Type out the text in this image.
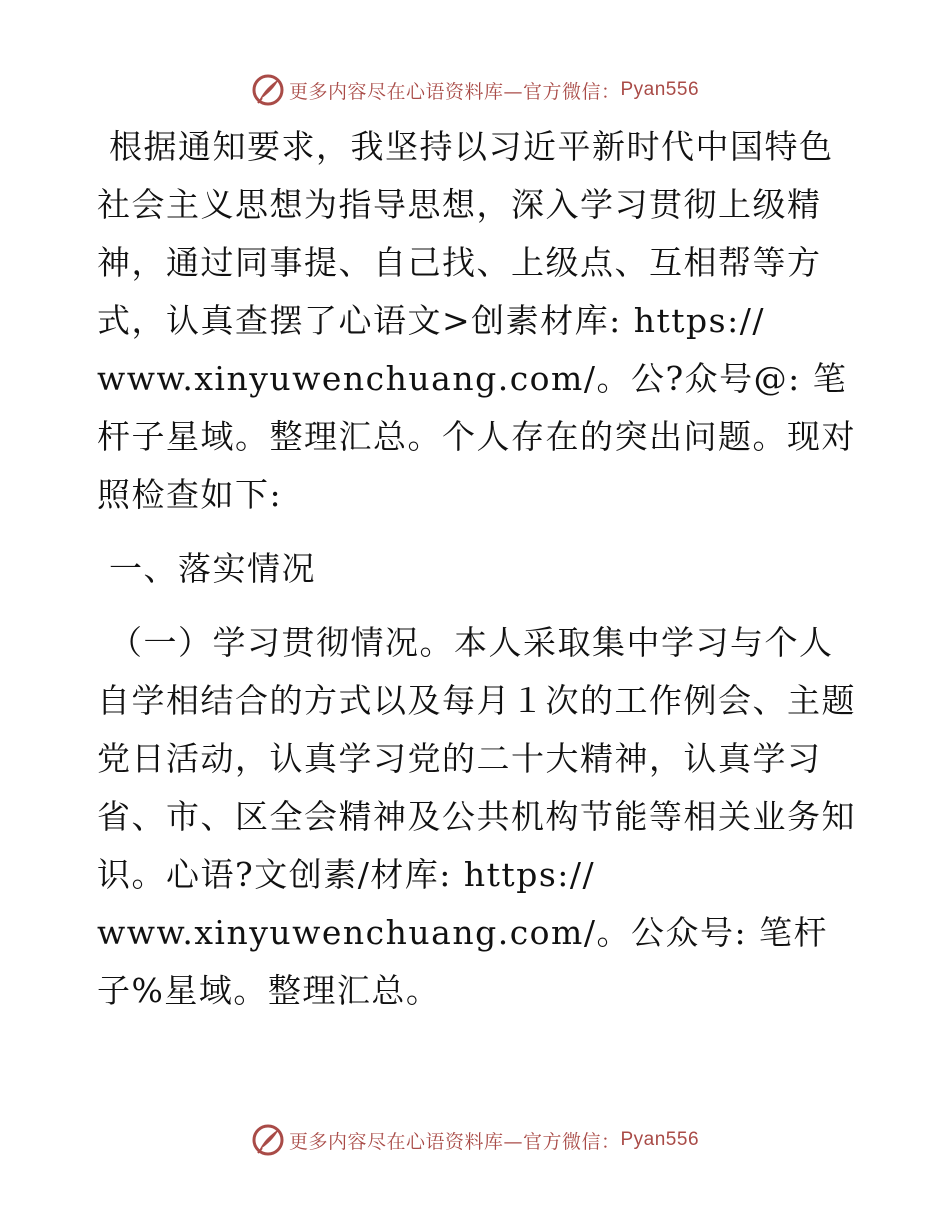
更多内容尽在心语资料库—官方微信： Pyan556

根据通知要求，我坚持以习近平新时代中国特色社会主义思想为指导思想，深入学习贯彻上级精神，通过同事提、自己找、上级点、互相帮等方式，认真查摆了心语文>创素材库: https://
www.xinyuwenchuang.com/。公?众号@: 笔杆子星域。整理汇总。个人存在的突出问题。现对照检查如下:

一、落实情况

（一）学习贯彻情况。本人采取集中学习与个人自学相结合的方式以及每月１次的工作例会、主题党日活动，认真学习党的二十大精神，认真学习省、市、区全会精神及公共机构节能等相关业务知识。心语?文创素/材库: https://
www.xinyuwenchuang.com/。公众号: 笔杆子%星域。整理汇总。

更多内容尽在心语资料库—官方微信： Pyan556
